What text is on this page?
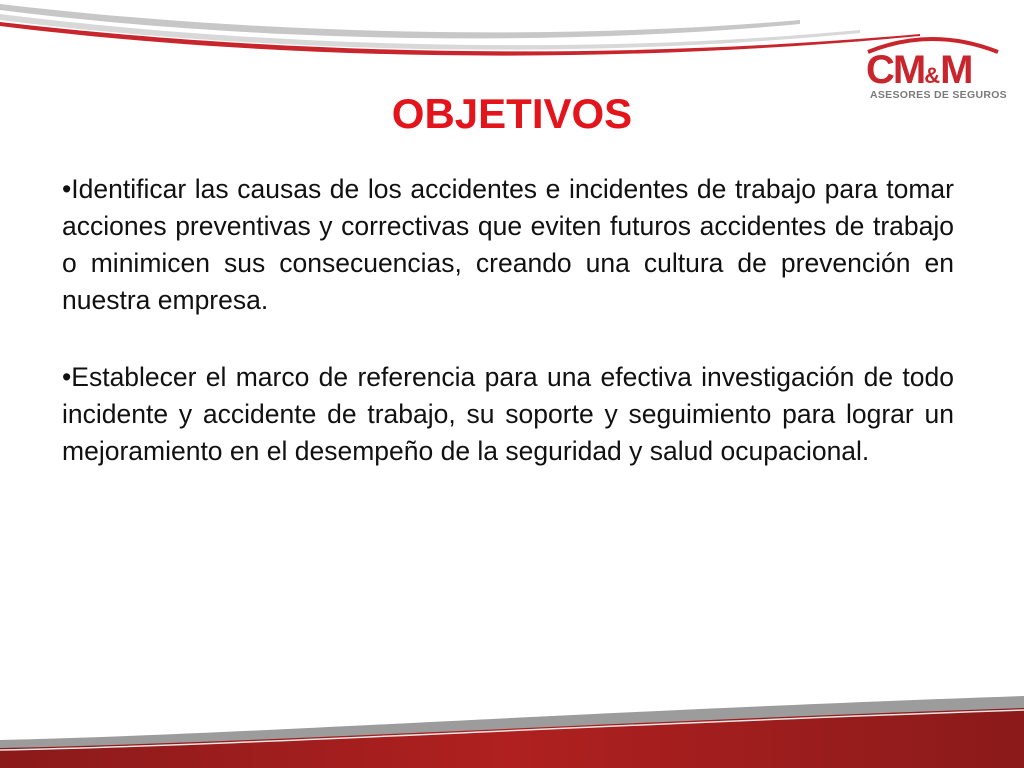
CM&M
ASESORES DE SEGUROS
OBJETIVOS

•Identificar las causas de los accidentes e incidentes de trabajo para tomar acciones preventivas y correctivas que eviten futuros accidentes de trabajo o minimicen sus consecuencias, creando una cultura de prevención en nuestra empresa.

•Establecer el marco de referencia para una efectiva investigación de todo incidente y accidente de trabajo, su soporte y seguimiento para lograr un mejoramiento en el desempeño de la seguridad y salud ocupacional.
